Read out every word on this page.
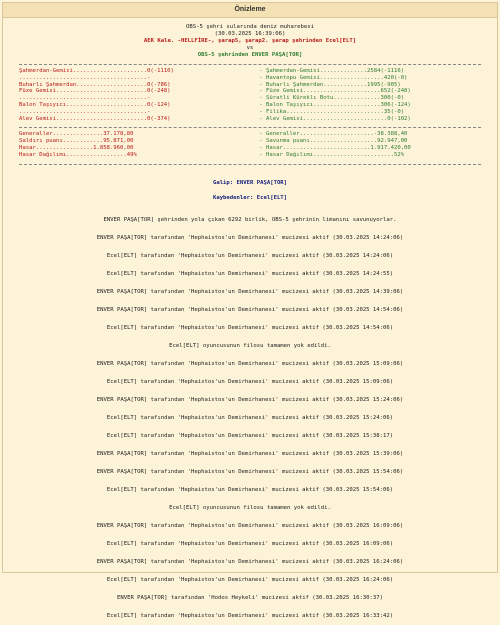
Önizleme
OBS-5 şehri sularında deniz muharebesi
(30.03.2025 16:39:06)
AEK Kale. -HELLFİRE-, şarap5, şarap2. şarap şehrinden Ecel[ELT]
vs
OBS-5 şehrinden ENVER PAŞA[TOR]
Şahmerdan-Gemisi......................0(-1110)
......................................-
Buharlı Şahmerdan.....................0(-786)
Füze Gemisi...........................0(-248)
......................................-
Balon Taşıyıcı........................0(-124)
......................................-
Alev Gemisi...........................0(-374)
- Şahmerdan-Gemisi..............2584(-1116)
- Havantopu Gemisi...................420(-0)
- Buharlı Şahmerdan.............1995(-905)
- Füze Gemisi.......................652(-248)
- Süratli Küreklı Botu..............300(-0)
- Balon Taşıyıcı....................306(-124)
- Filika.............................35(-0)
- Alev Gemisi.........................0(-102)
Generaller...............37.178,80
Saldırı puanı............95.871,00
Hasar.................1.858.960,00
Hasar Dağılımı..................49%
- Generaller......................-38.388,40
- Savunma puanı....................92.947,00
- Hasar..........................1.917.420,00
- Hasar Dağılımı........................52%
Galip: ENVER PAŞA[TOR]
Kaybedenler: Ecel[ELT]
ENVER PAŞA[TOR] şehrinden yola çıkan 6292 birlik, OBS-5 şehrinin limanını savunuyorlar.
ENVER PAŞA[TOR] tarafından 'Hephaistos'un Demirhanesi' mucizesi aktif (30.03.2025 14:24:06)
Ecel[ELT] tarafından 'Hephaistos'un Demirhanesi' mucizesi aktif (30.03.2025 14:24:06)
Ecel[ELT] tarafından 'Hephaistos'un Demirhanesi' mucizesi aktif (30.03.2025 14:24:55)
ENVER PAŞA[TOR] tarafından 'Hephaistos'un Demirhanesi' mucizesi aktif (30.03.2025 14:39:06)
ENVER PAŞA[TOR] tarafından 'Hephaistos'un Demirhanesi' mucizesi aktif (30.03.2025 14:54:06)
Ecel[ELT] tarafından 'Hephaistos'un Demirhanesi' mucizesi aktif (30.03.2025 14:54:06)
Ecel[ELT] oyuncusunun filosu tamamen yok edildi.
ENVER PAŞA[TOR] tarafından 'Hephaistos'un Demirhanesi' mucizesi aktif (30.03.2025 15:09:06)
Ecel[ELT] tarafından 'Hephaistos'un Demirhanesi' mucizesi aktif (30.03.2025 15:09:06)
ENVER PAŞA[TOR] tarafından 'Hephaistos'un Demirhanesi' mucizesi aktif (30.03.2025 15:24:06)
Ecel[ELT] tarafından 'Hephaistos'un Demirhanesi' mucizesi aktif (30.03.2025 15:24:06)
Ecel[ELT] tarafından 'Hephaistos'un Demirhanesi' mucizesi aktif (30.03.2025 15:38:17)
ENVER PAŞA[TOR] tarafından 'Hephaistos'un Demirhanesi' mucizesi aktif (30.03.2025 15:39:06)
ENVER PAŞA[TOR] tarafından 'Hephaistos'un Demirhanesi' mucizesi aktif (30.03.2025 15:54:06)
Ecel[ELT] tarafından 'Hephaistos'un Demirhanesi' mucizesi aktif (30.03.2025 15:54:06)
Ecel[ELT] oyuncusunun filosu tamamen yok edildi.
ENVER PAŞA[TOR] tarafından 'Hephaistos'un Demirhanesi' mucizesi aktif (30.03.2025 16:09:06)
Ecel[ELT] tarafından 'Hephaistos'un Demirhanesi' mucizesi aktif (30.03.2025 16:09:06)
ENVER PAŞA[TOR] tarafından 'Hephaistos'un Demirhanesi' mucizesi aktif (30.03.2025 16:24:06)
Ecel[ELT] tarafından 'Hephaistos'un Demirhanesi' mucizesi aktif (30.03.2025 16:24:06)
ENVER PAŞA[TOR] tarafından 'Hodos Heykeli' mucizesi aktif (30.03.2025 16:30:37)
Ecel[ELT] tarafından 'Hephaistos'un Demirhanesi' mucizesi aktif (30.03.2025 16:33:42)
